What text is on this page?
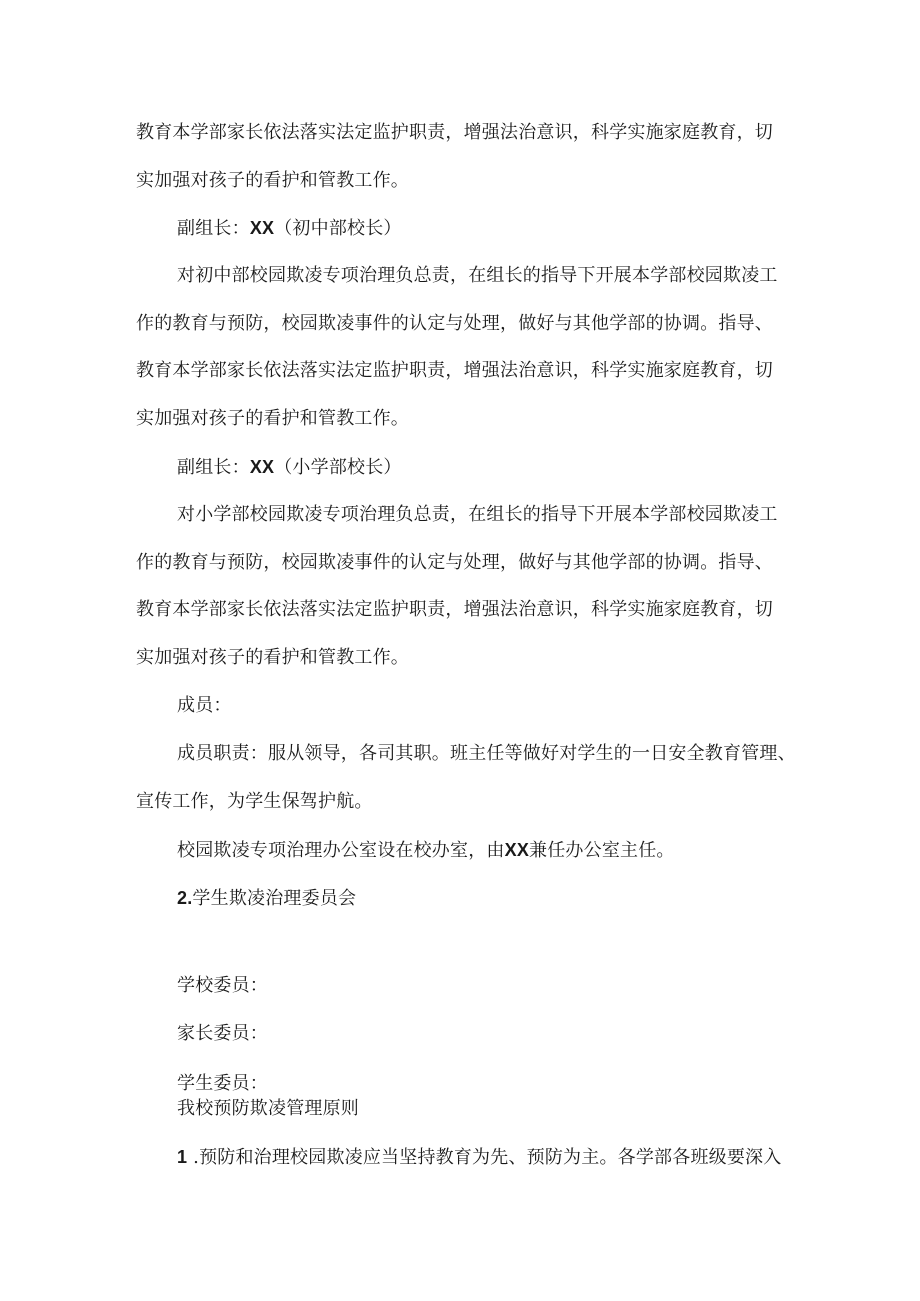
教育本学部家长依法落实法定监护职责，增强法治意识，科学实施家庭教育，切
实加强对孩子的看护和管教工作。
副组长：XX（初中部校长）
对初中部校园欺凌专项治理负总责，在组长的指导下开展本学部校园欺凌工
作的教育与预防，校园欺凌事件的认定与处理，做好与其他学部的协调。指导、
教育本学部家长依法落实法定监护职责，增强法治意识，科学实施家庭教育，切
实加强对孩子的看护和管教工作。
副组长：XX（小学部校长）
对小学部校园欺凌专项治理负总责，在组长的指导下开展本学部校园欺凌工
作的教育与预防，校园欺凌事件的认定与处理，做好与其他学部的协调。指导、
教育本学部家长依法落实法定监护职责，增强法治意识，科学实施家庭教育，切
实加强对孩子的看护和管教工作。
成员：
成员职责：服从领导，各司其职。班主任等做好对学生的一日安全教育管理、
宣传工作，为学生保驾护航。
校园欺凌专项治理办公室设在校办室，由XX兼任办公室主任。
2.学生欺凌治理委员会
学校委员：
家长委员：
学生委员：
我校预防欺凌管理原则
1 .预防和治理校园欺凌应当坚持教育为先、预防为主。各学部各班级要深入
